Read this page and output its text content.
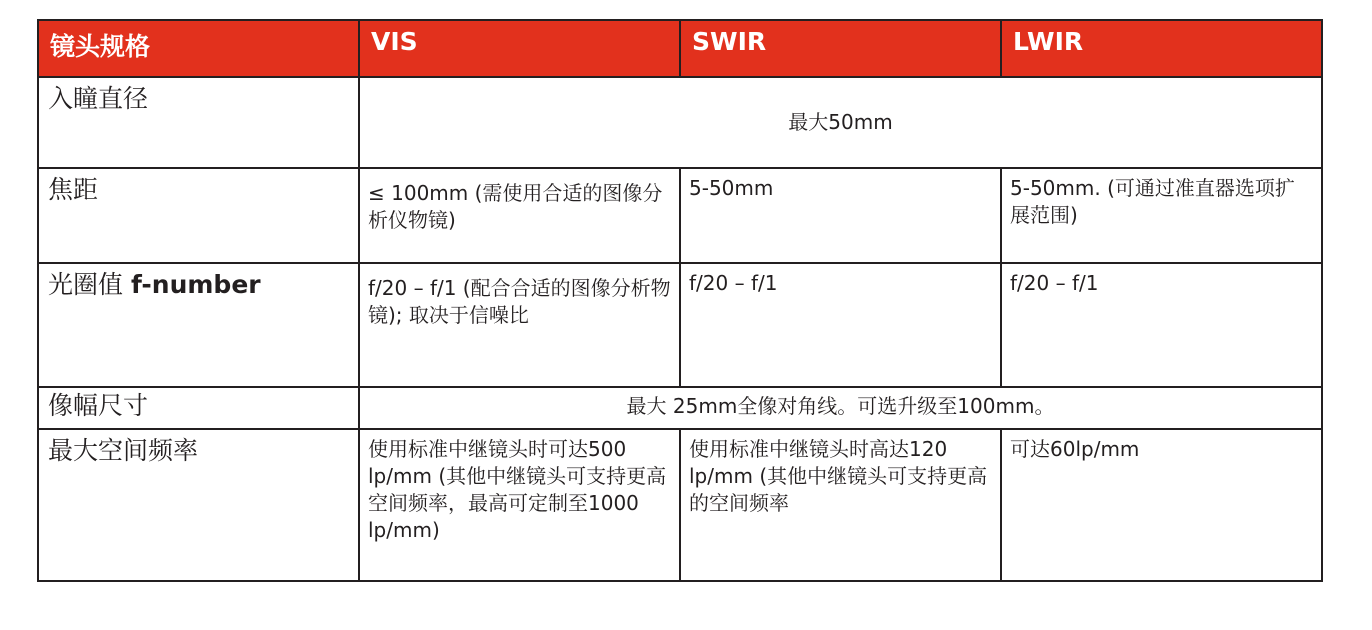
镜头规格	VIS	SWIR	LWIR
入瞳直径	最大50mm		
焦距	≤ 100mm (需使用合适的图像分析仪物镜)	5-50mm	5-50mm. (可通过准直器选项扩展范围)
光圈值 f-number	f/20 – f/1 (配合合适的图像分析物镜); 取决于信噪比	f/20 – f/1	f/20 – f/1
像幅尺寸	最大 25mm全像对角线。可选升级至100mm。		
最大空间频率	使用标准中继镜头时可达500 lp/mm (其他中继镜头可支持更高空间频率，最高可定制至1000 lp/mm)	使用标准中继镜头时高达120 lp/mm (其他中继镜头可支持更高的空间频率	可达60lp/mm
